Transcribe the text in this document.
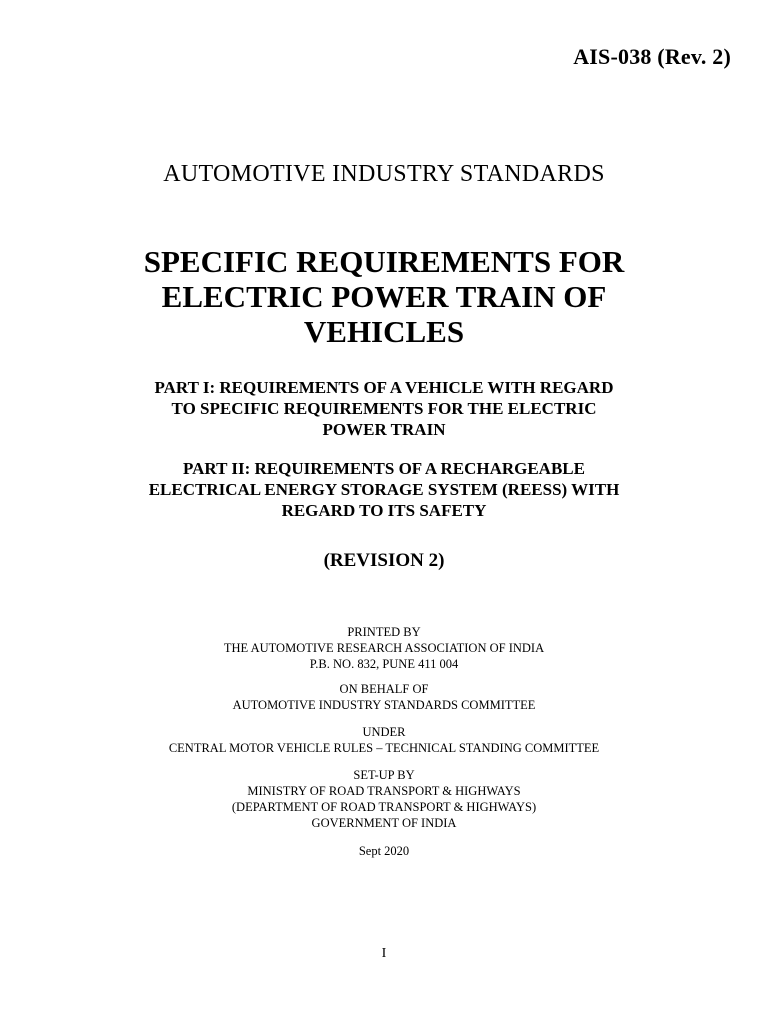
AIS-038 (Rev. 2)
AUTOMOTIVE INDUSTRY STANDARDS
SPECIFIC REQUIREMENTS FOR
ELECTRIC POWER TRAIN OF
VEHICLES
PART I: REQUIREMENTS OF A VEHICLE WITH REGARD
TO SPECIFIC REQUIREMENTS FOR THE ELECTRIC
POWER TRAIN
PART II: REQUIREMENTS OF A RECHARGEABLE
ELECTRICAL ENERGY STORAGE SYSTEM (REESS) WITH
REGARD TO ITS SAFETY
(REVISION 2)
PRINTED BY
THE AUTOMOTIVE RESEARCH ASSOCIATION OF INDIA
P.B. NO. 832, PUNE 411 004
ON BEHALF OF
AUTOMOTIVE INDUSTRY STANDARDS COMMITTEE
UNDER
CENTRAL MOTOR VEHICLE RULES – TECHNICAL STANDING COMMITTEE
SET-UP BY
MINISTRY OF ROAD TRANSPORT & HIGHWAYS
(DEPARTMENT OF ROAD TRANSPORT & HIGHWAYS)
GOVERNMENT OF INDIA
Sept 2020
I
